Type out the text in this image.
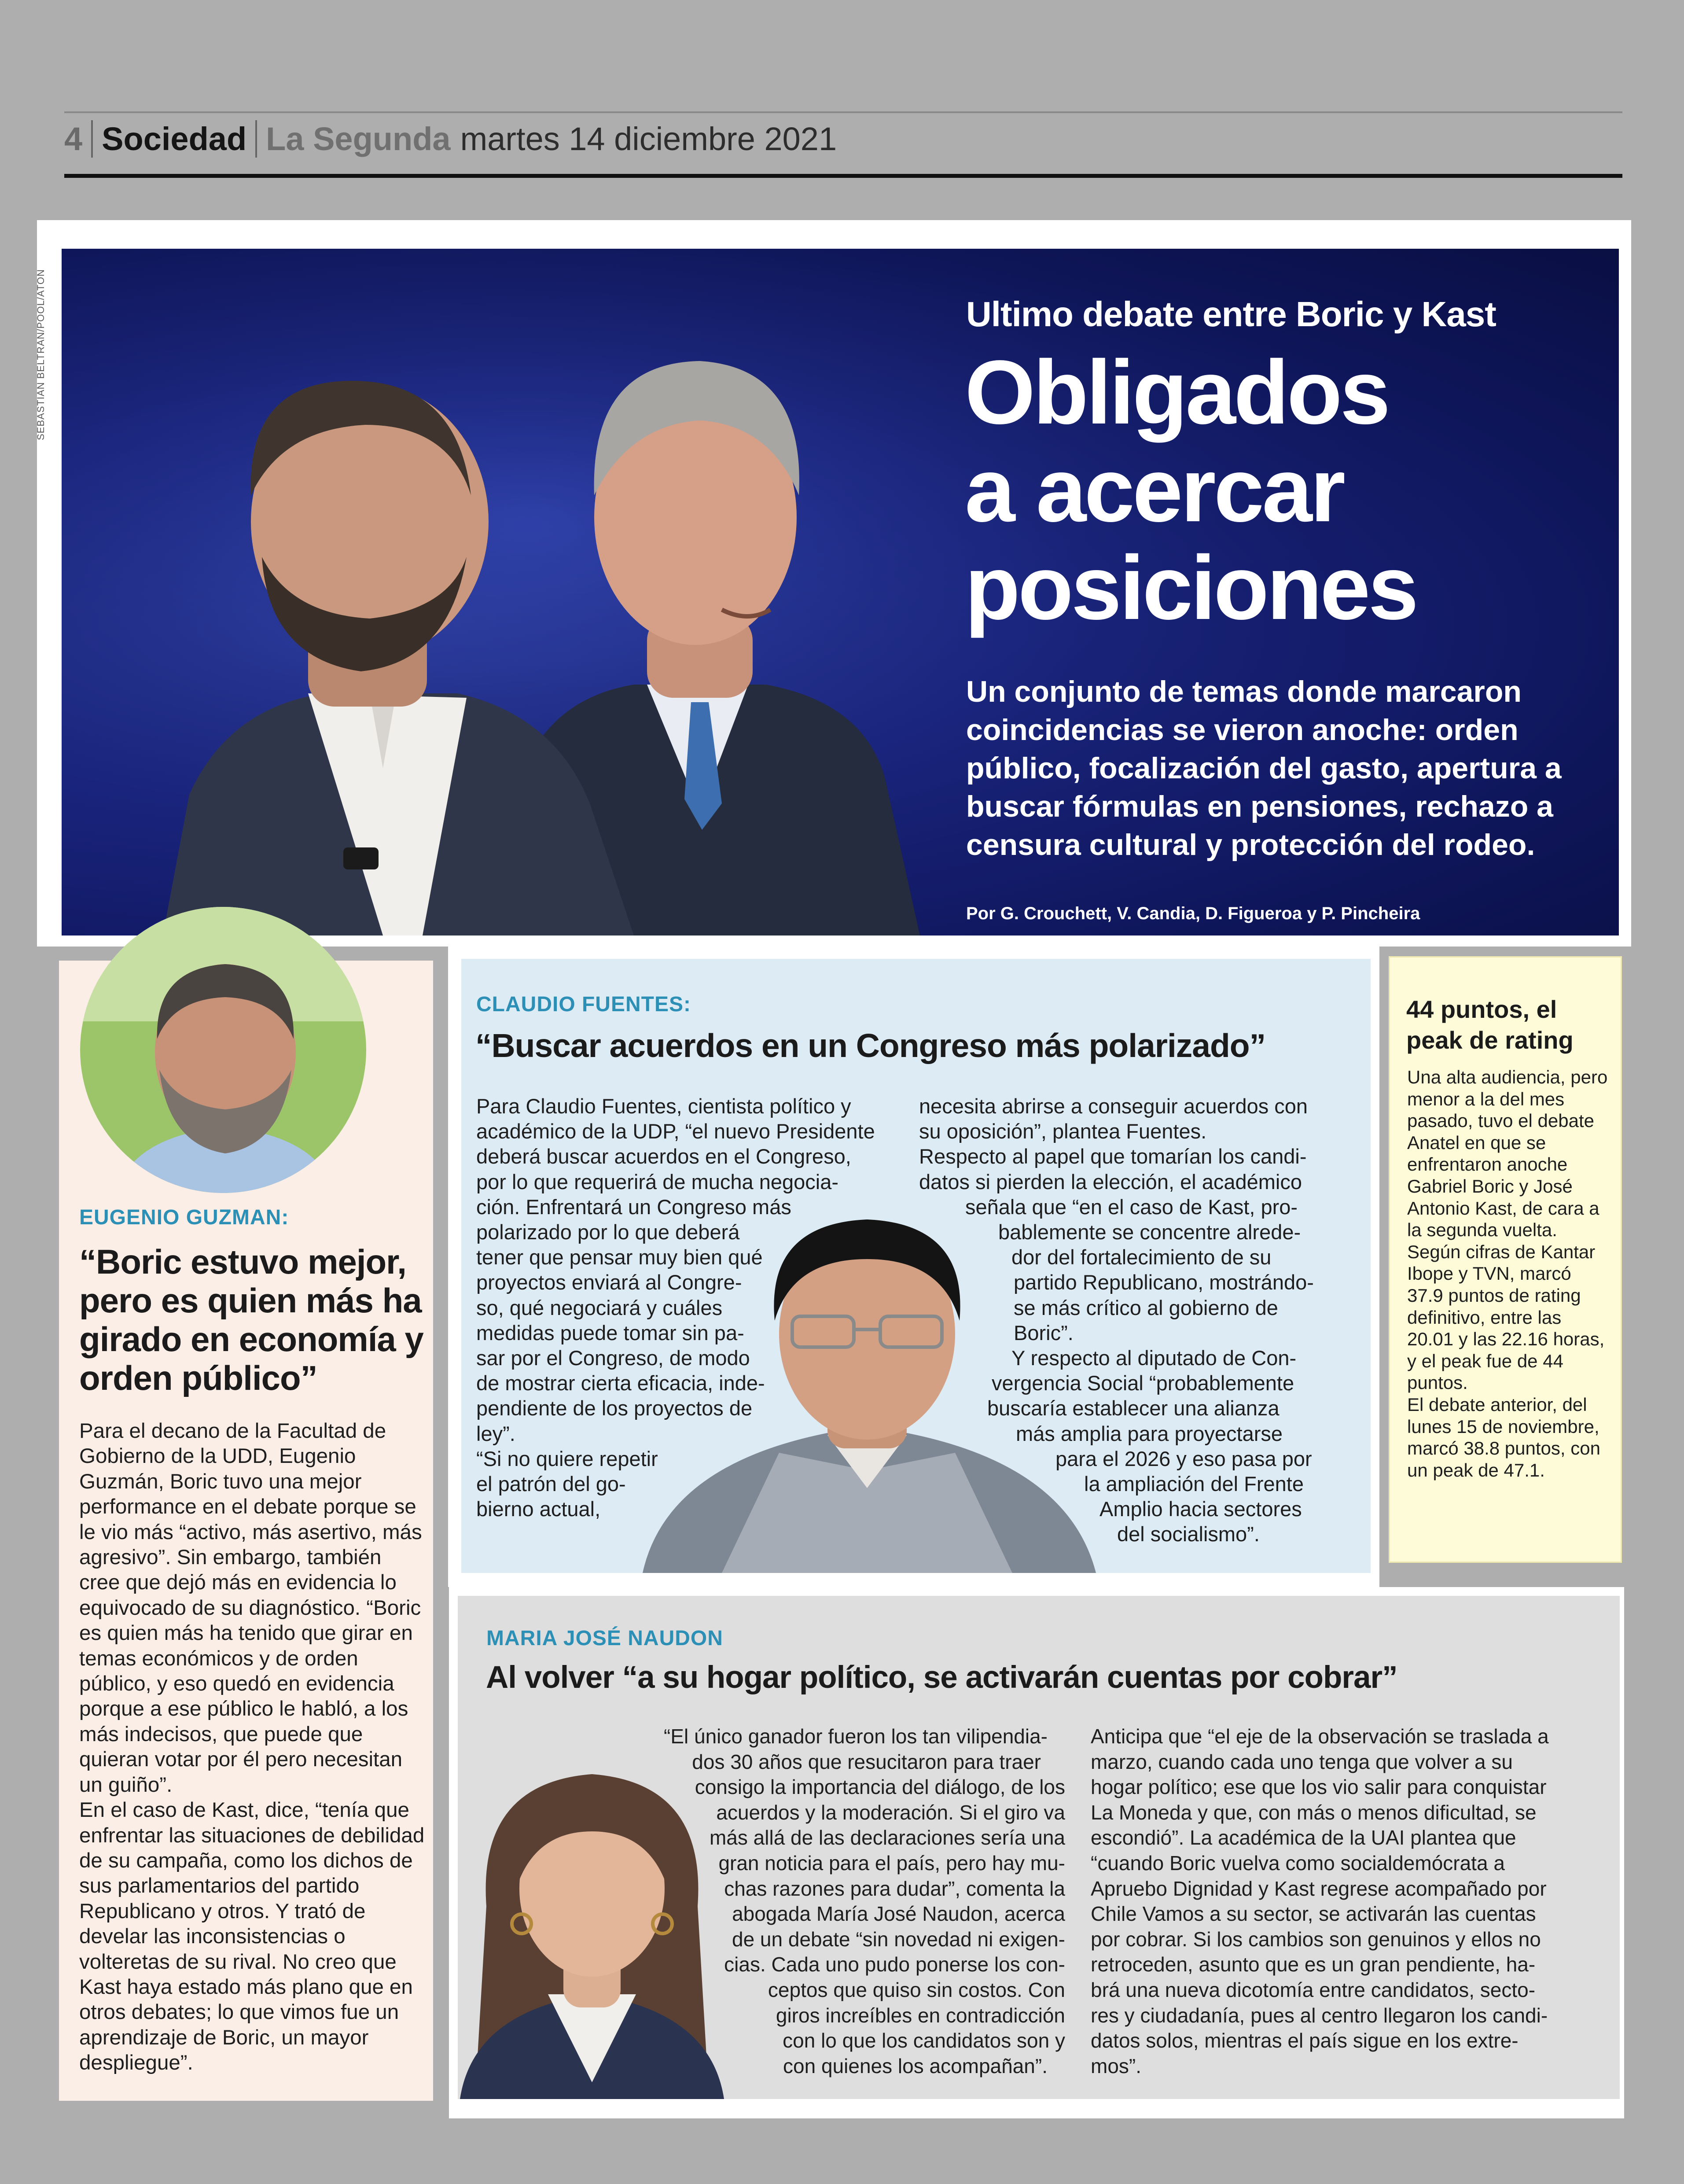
4 Sociedad La Segunda martes 14 diciembre 2021
SEBASTIAN BELTRAN/POOL/ATON	Ultimo debate entre Boric y Kast
Obligados
a acercar
posiciones
Un conjunto de temas donde marcaron coincidencias se vieron anoche: orden público, focalización del gasto, apertura a buscar fórmulas en pensiones, rechazo a censura cultural y protección del rodeo.
Por G. Crouchett, V. Candia, D. Figueroa y P. Pincheira
EUGENIO GUZMAN:
“Boric estuvo mejor, pero es quien más ha girado en economía y orden público”

Para el decano de la Facultad de Gobierno de la UDD, Eugenio Guzmán, Boric tuvo una mejor performance en el debate porque se le vio más “activo, más asertivo, más agresivo”. Sin embargo, también cree que dejó más en evidencia lo equivocado de su diagnóstico. “Boric es quien más ha tenido que girar en temas económicos y de orden público, y eso quedó en evidencia porque a ese público le habló, a los más indecisos, que puede que quieran votar por él pero necesitan un guiño”.

En el caso de Kast, dice, “tenía que enfrentar las situaciones de debilidad de su campaña, como los dichos de sus parlamentarios del partido Republicano y otros. Y trató de develar las inconsistencias o volteretas de su rival. No creo que Kast haya estado más plano que en otros debates; lo que vimos fue un aprendizaje de Boric, un mayor despliegue”.

CLAUDIO FUENTES:
“Buscar acuerdos en un Congreso más polarizado”
Para Claudio Fuentes, cientista político y
académico de la UDP, “el nuevo Presidente
deberá buscar acuerdos en el Congreso,
por lo que requerirá de mucha negocia-
ción. Enfrentará un Congreso más
polarizado por lo que deberá
tener que pensar muy bien qué
proyectos enviará al Congre-
so, qué negociará y cuáles
medidas puede tomar sin pa-
sar por el Congreso, de modo
de mostrar cierta eficacia, inde-
pendiente de los proyectos de
ley”.
“Si no quiere repetir
el patrón del go-
bierno actual,
necesita abrirse a conseguir acuerdos con
su oposición”, plantea Fuentes.
Respecto al papel que tomarían los candi-
datos si pierden la elección, el académico
señala que “en el caso de Kast, pro-
bablemente se concentre alrede-
dor del fortalecimiento de su
partido Republicano, mostrándo-
se más crítico al gobierno de
Boric”.
Y respecto al diputado de Con-
vergencia Social “probablemente
buscaría establecer una alianza
más amplia para proyectarse
para el 2026 y eso pasa por
la ampliación del Frente
Amplio hacia sectores
del socialismo”.
44 puntos, el peak de rating
Una alta audiencia, pero menor a la del mes pasado, tuvo el debate Anatel en que se enfrentaron anoche Gabriel Boric y José Antonio Kast, de cara a la segunda vuelta.
Según cifras de Kantar Ibope y TVN, marcó 37.9 puntos de rating definitivo, entre las 20.01 y las 22.16 horas, y el peak fue de 44 puntos.
El debate anterior, del lunes 15 de noviembre, marcó 38.8 puntos, con un peak de 47.1.
MARIA JOSÉ NAUDON
Al volver “a su hogar político, se activarán cuentas por cobrar”
“El único ganador fueron los tan vilipendia-
dos 30 años que resucitaron para traer
consigo la importancia del diálogo, de los
acuerdos y la moderación. Si el giro va
más allá de las declaraciones sería una
gran noticia para el país, pero hay mu-
chas razones para dudar”, comenta la
abogada María José Naudon, acerca
de un debate “sin novedad ni exigen-
cias. Cada uno pudo ponerse los con-
ceptos que quiso sin costos. Con
giros increíbles en contradicción
con lo que los candidatos son y
con quienes los acompañan”.
Anticipa que “el eje de la observación se traslada a
marzo, cuando cada uno tenga que volver a su
hogar político; ese que los vio salir para conquistar
La Moneda y que, con más o menos dificultad, se
escondió”. La académica de la UAI plantea que
“cuando Boric vuelva como socialdemócrata a
Apruebo Dignidad y Kast regrese acompañado por
Chile Vamos a su sector, se activarán las cuentas
por cobrar. Si los cambios son genuinos y ellos no
retroceden, asunto que es un gran pendiente, ha-
brá una nueva dicotomía entre candidatos, secto-
res y ciudadanía, pues al centro llegaron los candi-
datos solos, mientras el país sigue en los extre-
mos”.
